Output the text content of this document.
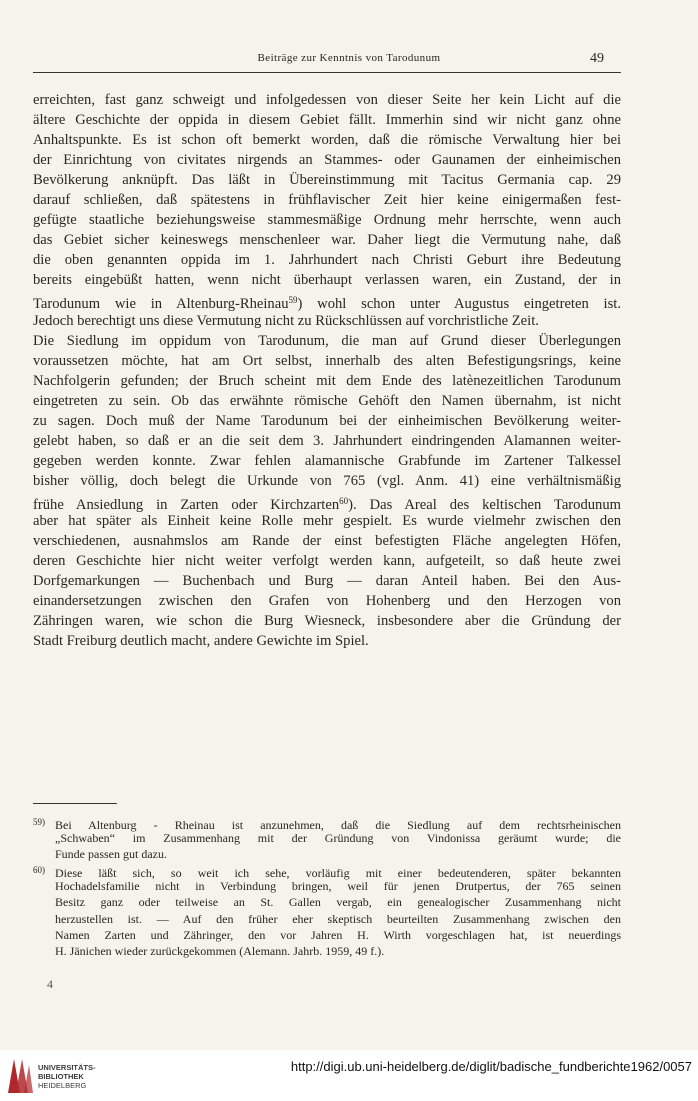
Beiträge zur Kenntnis von Tarodunum	49
erreichten, fast ganz schweigt und infolgedessen von dieser Seite her kein Licht auf die
ältere Geschichte der oppida in diesem Gebiet fällt. Immerhin sind wir nicht ganz ohne
Anhaltspunkte. Es ist schon oft bemerkt worden, daß die römische Verwaltung hier bei
der Einrichtung von civitates nirgends an Stammes- oder Gaunamen der einheimischen
Bevölkerung anknüpft. Das läßt in Übereinstimmung mit Tacitus Germania cap. 29
darauf schließen, daß spätestens in frühflavischer Zeit hier keine einigermaßen fest-
gefügte staatliche beziehungsweise stammesmäßige Ordnung mehr herrschte, wenn auch
das Gebiet sicher keineswegs menschenleer war. Daher liegt die Vermutung nahe, daß
die oben genannten oppida im 1. Jahrhundert nach Christi Geburt ihre Bedeutung
bereits eingebüßt hatten, wenn nicht überhaupt verlassen waren, ein Zustand, der in
Tarodunum wie in Altenburg-Rheinau$^{59}$) wohl schon unter Augustus eingetreten ist.
Jedoch berechtigt uns diese Vermutung nicht zu Rückschlüssen auf vorchristliche Zeit.
Die Siedlung im oppidum von Tarodunum, die man auf Grund dieser Überlegungen
voraussetzen möchte, hat am Ort selbst, innerhalb des alten Befestigungsrings, keine
Nachfolgerin gefunden; der Bruch scheint mit dem Ende des latènezeitlichen Tarodunum
eingetreten zu sein. Ob das erwähnte römische Gehöft den Namen übernahm, ist nicht
zu sagen. Doch muß der Name Tarodunum bei der einheimischen Bevölkerung weiter-
gelebt haben, so daß er an die seit dem 3. Jahrhundert eindringenden Alamannen weiter-
gegeben werden konnte. Zwar fehlen alamannische Grabfunde im Zartener Talkessel
bisher völlig, doch belegt die Urkunde von 765 (vgl. Anm. 41) eine verhältnismäßig
frühe Ansiedlung in Zarten oder Kirchzarten$^{60}$). Das Areal des keltischen Tarodunum
aber hat später als Einheit keine Rolle mehr gespielt. Es wurde vielmehr zwischen den
verschiedenen, ausnahmslos am Rande der einst befestigten Fläche angelegten Höfen,
deren Geschichte hier nicht weiter verfolgt werden kann, aufgeteilt, so daß heute zwei
Dorfgemarkungen — Buchenbach und Burg — daran Anteil haben. Bei den Aus-
einandersetzungen zwischen den Grafen von Hohenberg und den Herzogen von
Zähringen waren, wie schon die Burg Wiesneck, insbesondere aber die Gründung der
Stadt Freiburg deutlich macht, andere Gewichte im Spiel.
59) Bei Altenburg - Rheinau ist anzunehmen, daß die Siedlung auf dem rechtsrheinischen
„Schwaben“ im Zusammenhang mit der Gründung von Vindonissa geräumt wurde; die
Funde passen gut dazu.
60) Diese läßt sich, so weit ich sehe, vorläufig mit einer bedeutenderen, später bekannten
Hochadelsfamilie nicht in Verbindung bringen, weil für jenen Drutpertus, der 765 seinen
Besitz ganz oder teilweise an St. Gallen vergab, ein genealogischer Zusammenhang nicht
herzustellen ist. — Auf den früher eher skeptisch beurteilten Zusammenhang zwischen den
Namen Zarten und Zähringer, den vor Jahren H. Wirth vorgeschlagen hat, ist neuerdings
H. Jänichen wieder zurückgekommen (Alemann. Jahrb. 1959, 49 f.).
4
UNIVERSITÄTS-
BIBLIOTHEK
HEIDELBERG
http://digi.ub.uni-heidelberg.de/diglit/badische_fundberichte1962/0057
